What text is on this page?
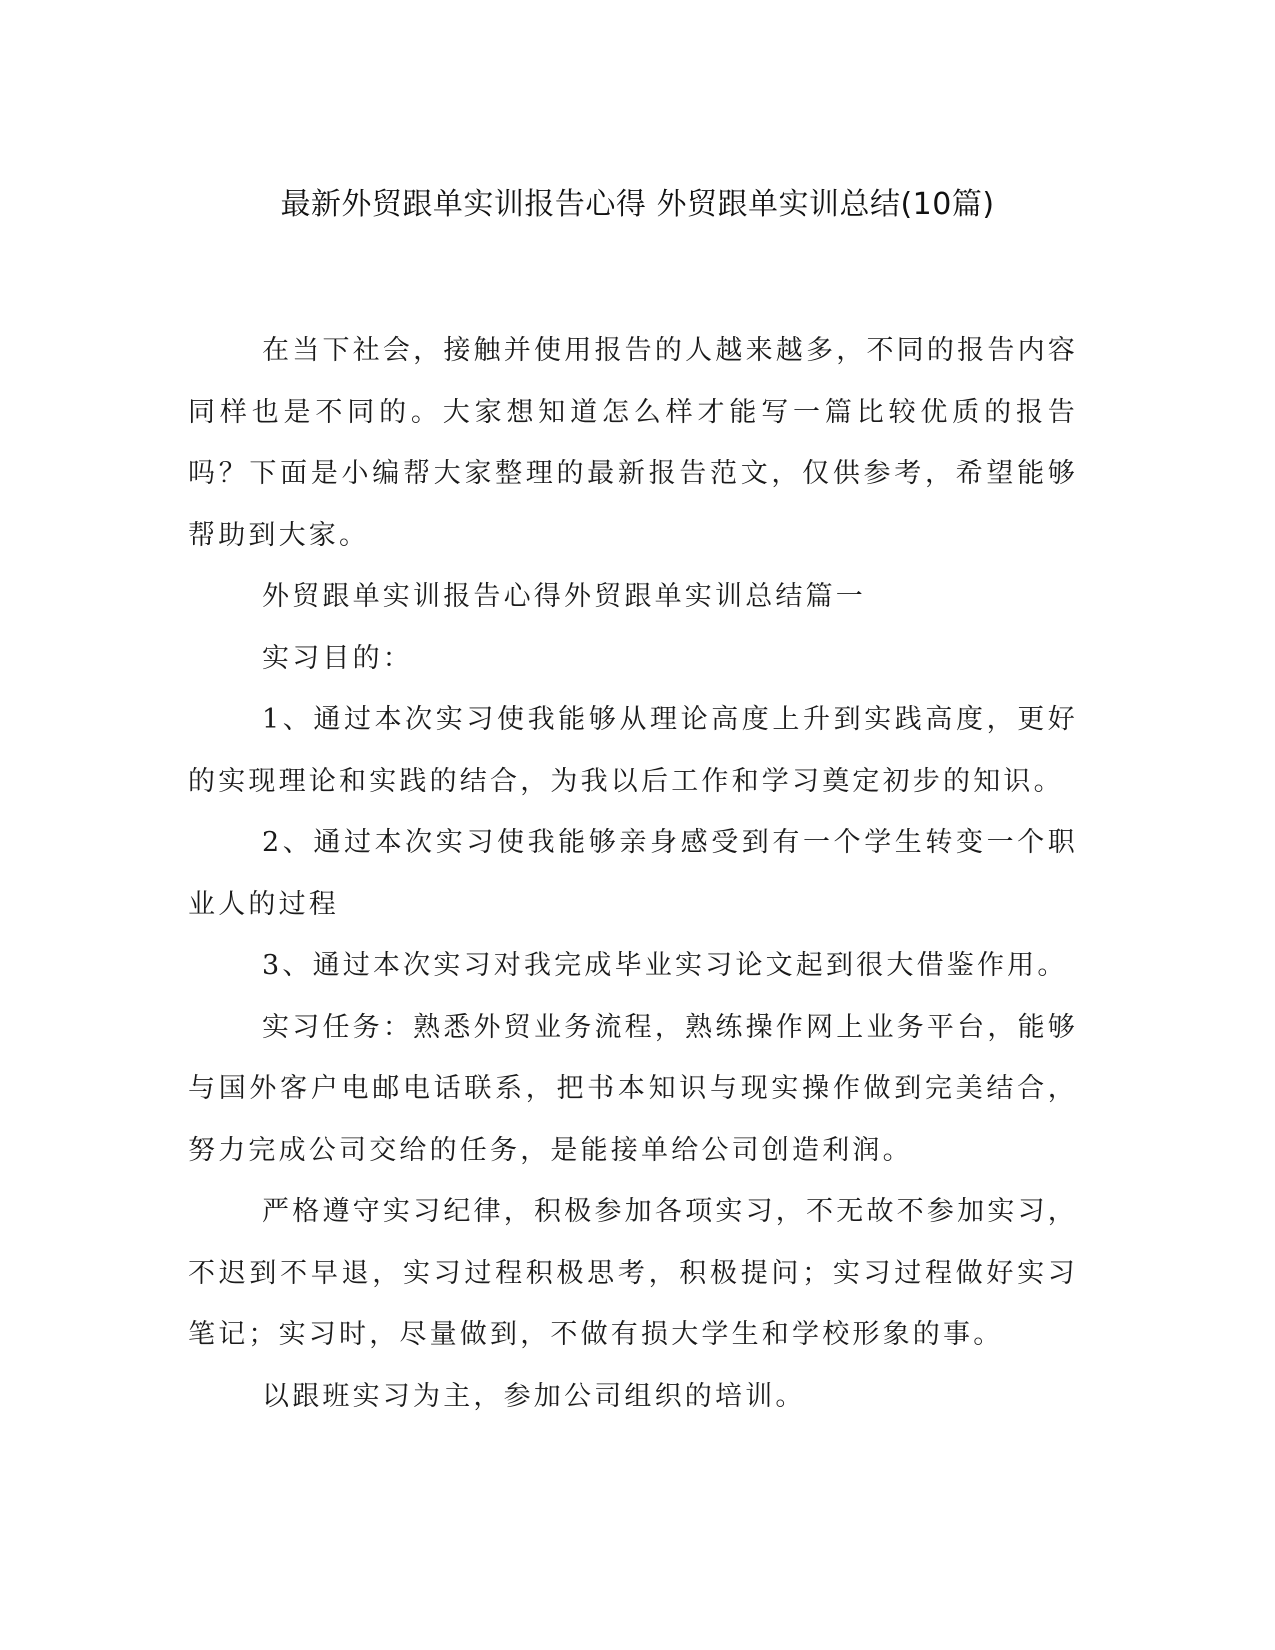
最新外贸跟单实训报告心得 外贸跟单实训总结(10篇)

在当下社会，接触并使用报告的人越来越多，不同的报告内容同样也是不同的。大家想知道怎么样才能写一篇比较优质的报告吗？下面是小编帮大家整理的最新报告范文，仅供参考，希望能够帮助到大家。

外贸跟单实训报告心得外贸跟单实训总结篇一

实习目的：

1、通过本次实习使我能够从理论高度上升到实践高度，更好的实现理论和实践的结合，为我以后工作和学习奠定初步的知识。

2、通过本次实习使我能够亲身感受到有一个学生转变一个职业人的过程

3、通过本次实习对我完成毕业实习论文起到很大借鉴作用。

实习任务：熟悉外贸业务流程，熟练操作网上业务平台，能够与国外客户电邮电话联系，把书本知识与现实操作做到完美结合，努力完成公司交给的任务，是能接单给公司创造利润。

严格遵守实习纪律，积极参加各项实习，不无故不参加实习，不迟到不早退，实习过程积极思考，积极提问；实习过程做好实习笔记；实习时，尽量做到，不做有损大学生和学校形象的事。

以跟班实习为主，参加公司组织的培训。
